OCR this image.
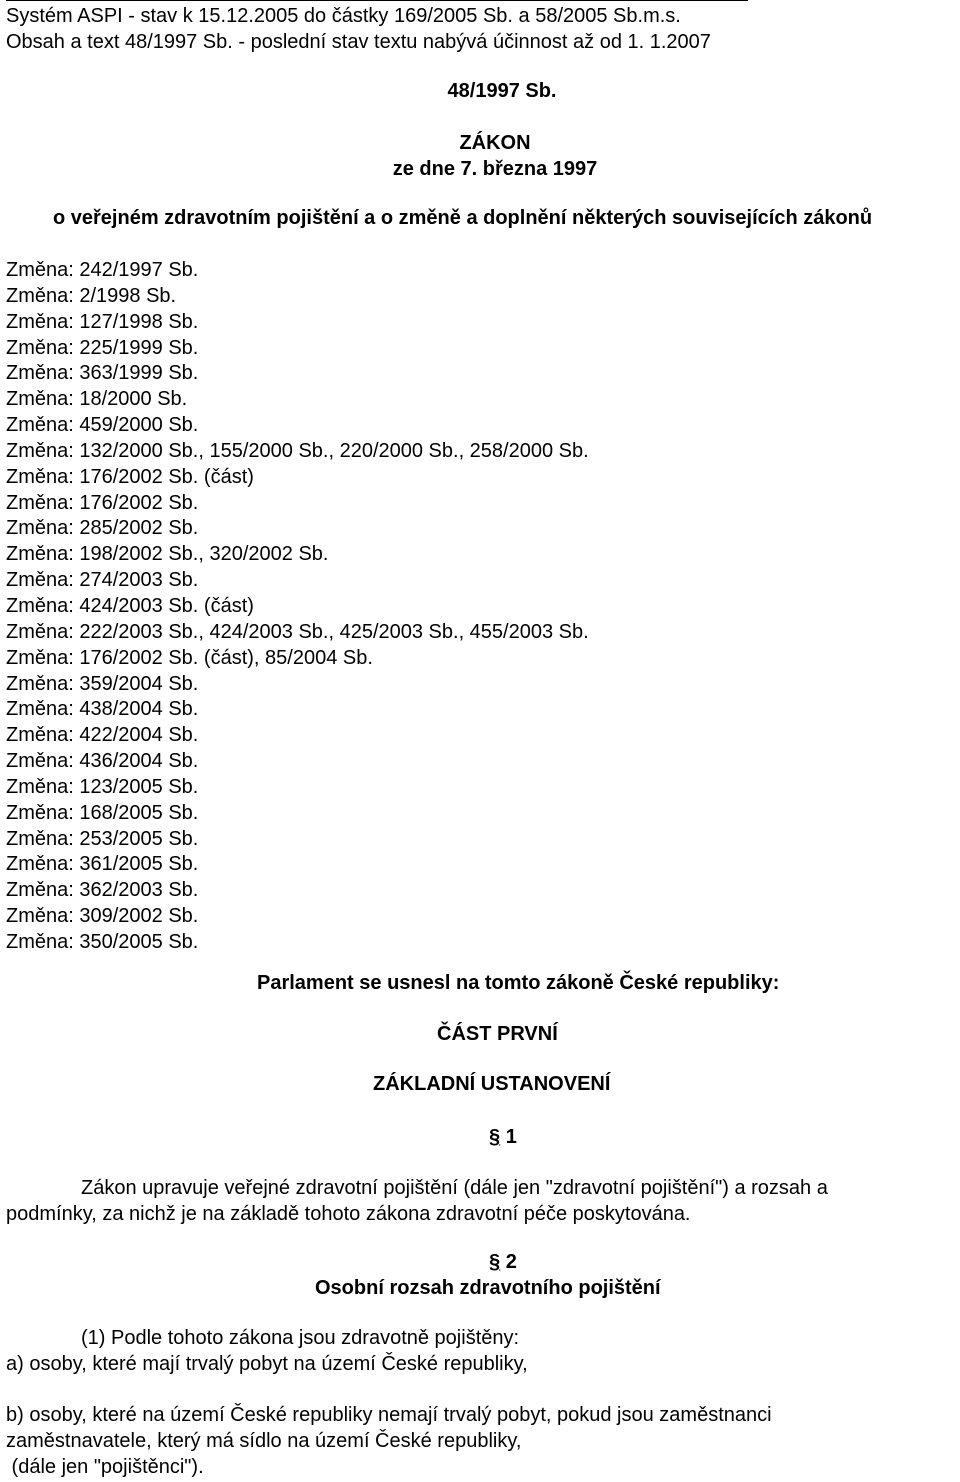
Systém ASPI - stav k 15.12.2005 do částky 169/2005 Sb. a 58/2005 Sb.m.s.
Obsah a text 48/1997 Sb. - poslední stav textu nabývá účinnost až od 1. 1.2007
48/1997 Sb.
ZÁKON
ze dne 7. března 1997
o veřejném zdravotním pojištění a o změně a doplnění některých souvisejících zákonů
Změna: 242/1997 Sb.
Změna: 2/1998 Sb.
Změna: 127/1998 Sb.
Změna: 225/1999 Sb.
Změna: 363/1999 Sb.
Změna: 18/2000 Sb.
Změna: 459/2000 Sb.
Změna: 132/2000 Sb., 155/2000 Sb., 220/2000 Sb., 258/2000 Sb.
Změna: 176/2002 Sb. (část)
Změna: 176/2002 Sb.
Změna: 285/2002 Sb.
Změna: 198/2002 Sb., 320/2002 Sb.
Změna: 274/2003 Sb.
Změna: 424/2003 Sb. (část)
Změna: 222/2003 Sb., 424/2003 Sb., 425/2003 Sb., 455/2003 Sb.
Změna: 176/2002 Sb. (část), 85/2004 Sb.
Změna: 359/2004 Sb.
Změna: 438/2004 Sb.
Změna: 422/2004 Sb.
Změna: 436/2004 Sb.
Změna: 123/2005 Sb.
Změna: 168/2005 Sb.
Změna: 253/2005 Sb.
Změna: 361/2005 Sb.
Změna: 362/2003 Sb.
Změna: 309/2002 Sb.
Změna: 350/2005 Sb.
Parlament se usnesl na tomto zákoně České republiky:
ČÁST PRVNÍ
ZÁKLADNÍ USTANOVENÍ
§ 1
Zákon upravuje veřejné zdravotní pojištění (dále jen "zdravotní pojištění") a rozsah a
podmínky, za nichž je na základě tohoto zákona zdravotní péče poskytována.
§ 2
Osobní rozsah zdravotního pojištění
(1) Podle tohoto zákona jsou zdravotně pojištěny:
a) osoby, které mají trvalý pobyt na území České republiky,
b) osoby, které na území České republiky nemají trvalý pobyt, pokud jsou zaměstnanci
zaměstnavatele, který má sídlo na území České republiky,
(dále jen "pojištěnci").
